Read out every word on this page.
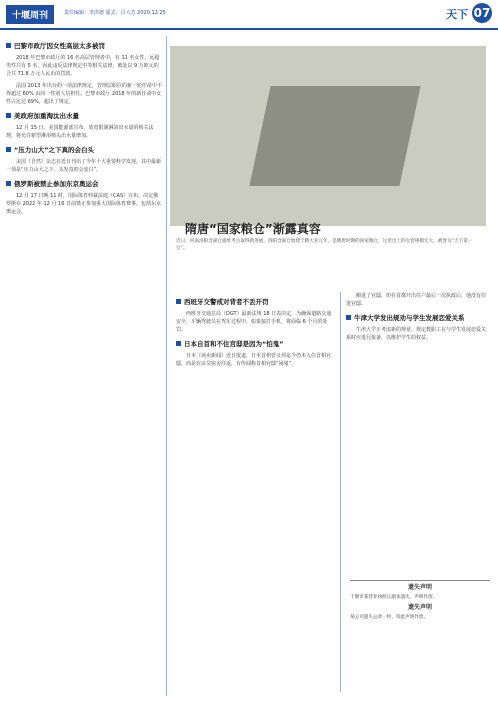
十堰周刊	责任编辑：李洪德 版式：吕大芳 2020.12.25	天下 07
巴黎市政厅因女性高层太多被罚

2018 年巴黎市政厅的 16 名高层管理者中，有 11 名女性，远超男性只有 5 名，因此违反法律规定中等相关法律，被处以 9 万欧元的合共 71.8 万元人民币的罚款。

法国 2013 年出台的一项法律规定，管理层职位的新一轮任命中不得超过 60% 由同一性别人员担任。巴黎市政厅 2018 年的新任命中女性占比达 69%，超出了规定。

美政府加重淘汰出水量

12 月 15 日，美国能源部宣布，放宽限制淋浴出水量的相关法规，将允许新型淋浴喷头出水量增加。

“压力山大”之下真的会白头

美国《自然》杂志在近日刊出了今年十大重要科学发现，其中最新一项是“压力山大之下，头发真的会变白”。

俄罗斯被禁止参加东京奥运会

12 月 17 日晚 11 时，国际体育仲裁法庭（CAS）宣布，决定俄罗斯在 2022 年 12 月 16 日前禁止参加重大国际体育赛事，包括东京奥运会。

隋唐“国家粮仓”渐露真容
近日，河南洛阳含嘉仓遗址考古取得新进展。洛阳含嘉仓始建于隋大业元年，是隋唐时期的国家粮仓，这里出土的仓窖规模宏大，被誉为“天下第一仓”。
西班牙交警戒对背者不丢开罚

西班牙交通总局（DGT）最新法规 18 日表决定，为确保道路交通安全，车辆驾驶员在驾车过程中，如果接打手机，将面临 6 个月的处罚。

日本自首和不住宫邸是因为“怕鬼”

日本《读卖新闻》近日报道，日本首相菅义伟迄今仍未入住首相官邸，而是在议员宿舍往返，有传闻称首相官邸“闹鬼”。

搬进了官邸，但在首都开出住户最后一次执政后，他没有住进官邸。

牛津大学发出规劝与学生发展恋爱关系

牛津大学正考虑新的规章，规定教职工在与学生发展恋爱关系时应进行报备，以维护学生的权益。

遗失声明
十堰市某营业执照正副本遗失，声明作废。
遗失声明
某公司遗失公章一枚，特此声明作废。
